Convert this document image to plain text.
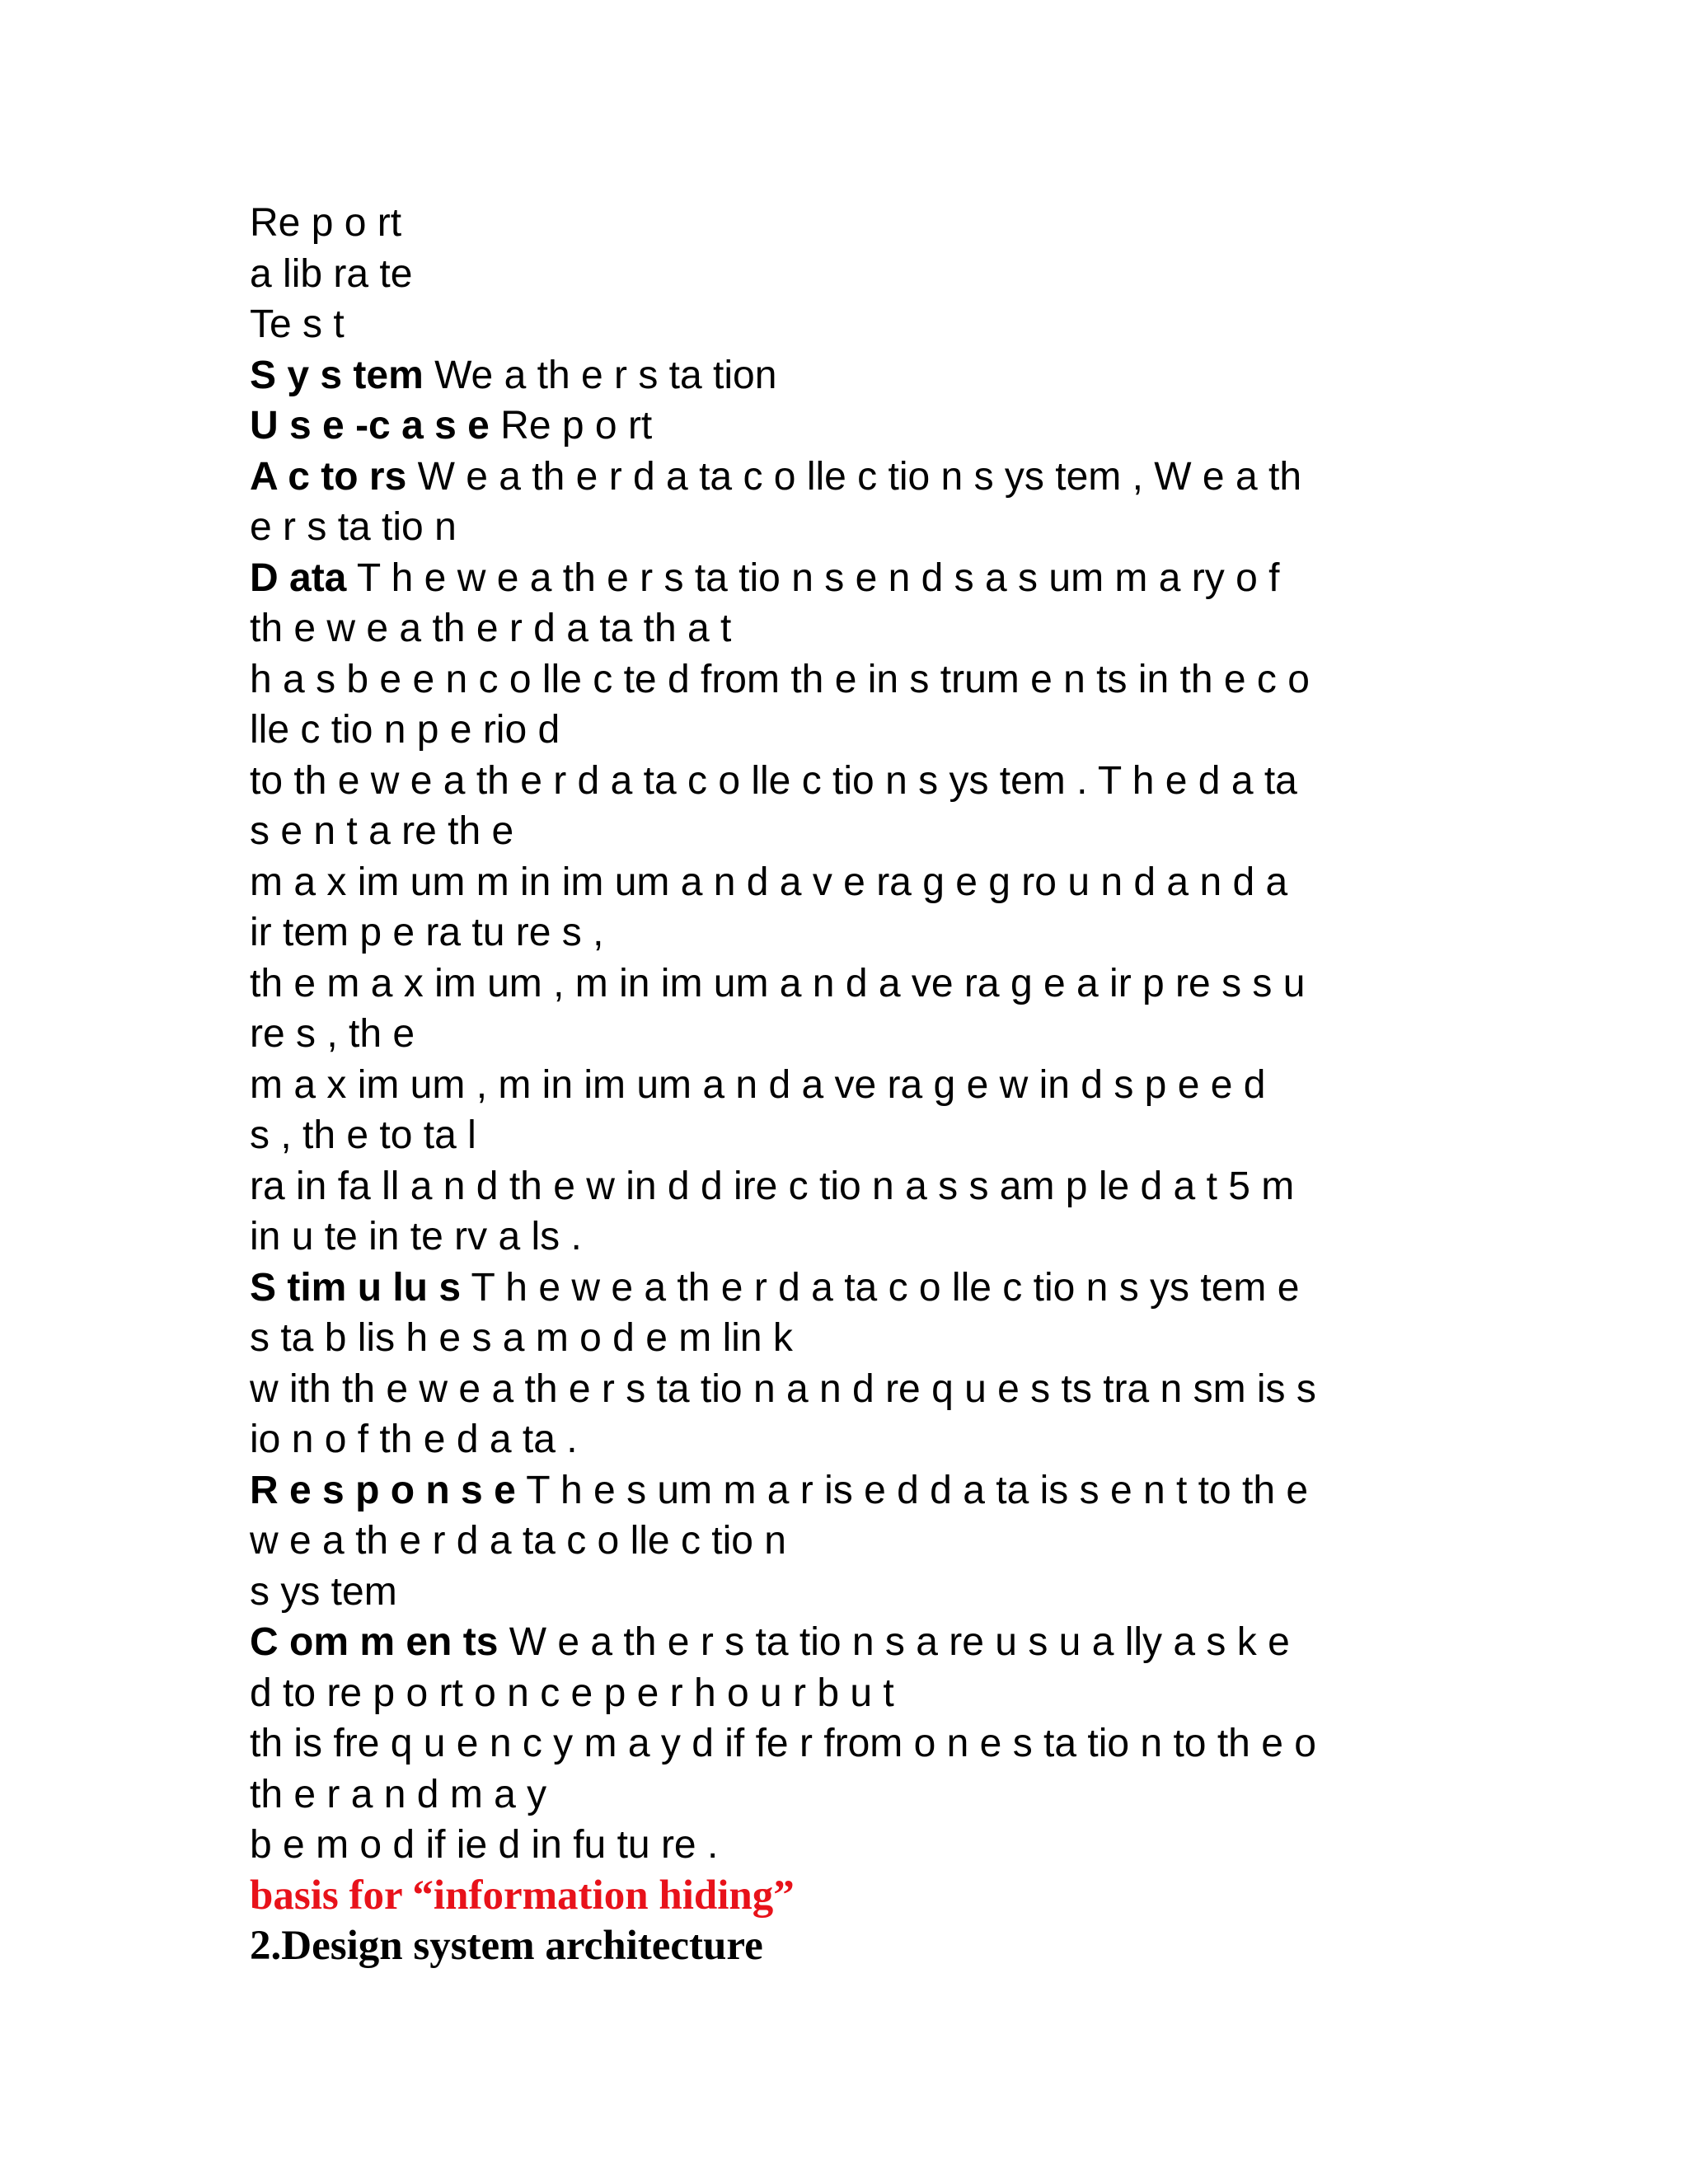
Re p o rt
a lib ra te
Te s t
S y s tem We a th e r s ta tion
U s e -c a s e Re p o rt
A c to rs W e a th e r d a ta c o lle c tio n s ys tem , W e a th
e r s ta tio n
D ata T h e w e a th e r s ta tio n s e n d s a s um m a ry o f
th e w e a th e r d a ta th a t
h a s b e e n c o lle c te d from th e in s trum e n ts in th e c o
lle c tio n p e rio d
to th e w e a th e r d a ta c o lle c tio n s ys tem . T h e d a ta
s e n t a re th e
m a x im um m in im um a n d a v e ra g e g ro u n d a n d a
ir tem p e ra tu re s ,
th e m a x im um , m in im um a n d a ve ra g e a ir p re s s u
re s , th e
m a x im um , m in im um a n d a ve ra g e w in d s p e e d
s , th e to ta l
ra in fa ll a n d th e w in d d ire c tio n a s s am p le d a t 5 m
in u te in te rv a ls .
S tim u lu s T h e w e a th e r d a ta c o lle c tio n s ys tem e
s ta b lis h e s a m o d e m lin k
w ith th e w e a th e r s ta tio n a n d re q u e s ts tra n sm is s
io n o f th e d a ta .
R e s p o n s e T h e s um m a r is e d d a ta is s e n t to th e
w e a th e r d a ta c o lle c tio n
s ys tem
C om m en ts W e a th e r s ta tio n s a re u s u a lly a s k e
d to re p o rt o n c e p e r h o u r b u t
th is fre q u e n c y m a y d if fe r from o n e s ta tio n to th e o
th e r a n d m a y
b e m o d if ie d in fu tu re .
basis for “information hiding”
2.Design system architecture
